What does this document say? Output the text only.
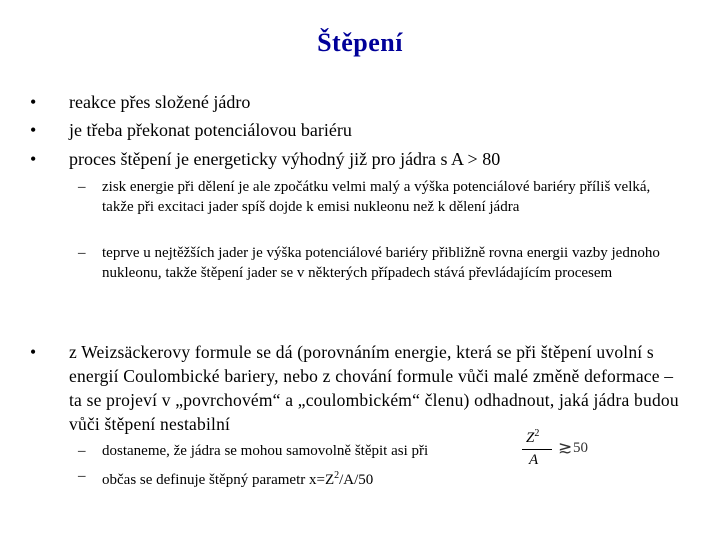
Štěpení
•	reakce přes složené jádro
•	je třeba překonat potenciálovou bariéru
•	proces štěpení je energeticky výhodný již pro jádra s A > 80
–	zisk energie při dělení je ale zpočátku velmi malý a výška potenciálové bariéry příliš velká, takže při excitaci jader spíš dojde k emisi nukleonu než k dělení jádra
–	teprve u nejtěžších jader je výška potenciálové bariéry přibližně rovna energii vazby jednoho nukleonu, takže štěpení jader se v některých případech stává převládajícím procesem
•	z Weizsäckerovy formule se dá (porovnáním energie, která se při štěpení uvolní s energií Coulombické bariery, nebo z chování formule vůči malé změně deformace – ta se projeví v „povrchovém“ a „coulombickém“ členu) odhadnout, jaká jádra budou vůči štěpení nestabilní
–	dostaneme, že jádra se mohou samovolně štěpit asi při
–	občas se definuje štěpný parametr $x=Z^2/A/50$
$Z^2$
A
≳ 50
